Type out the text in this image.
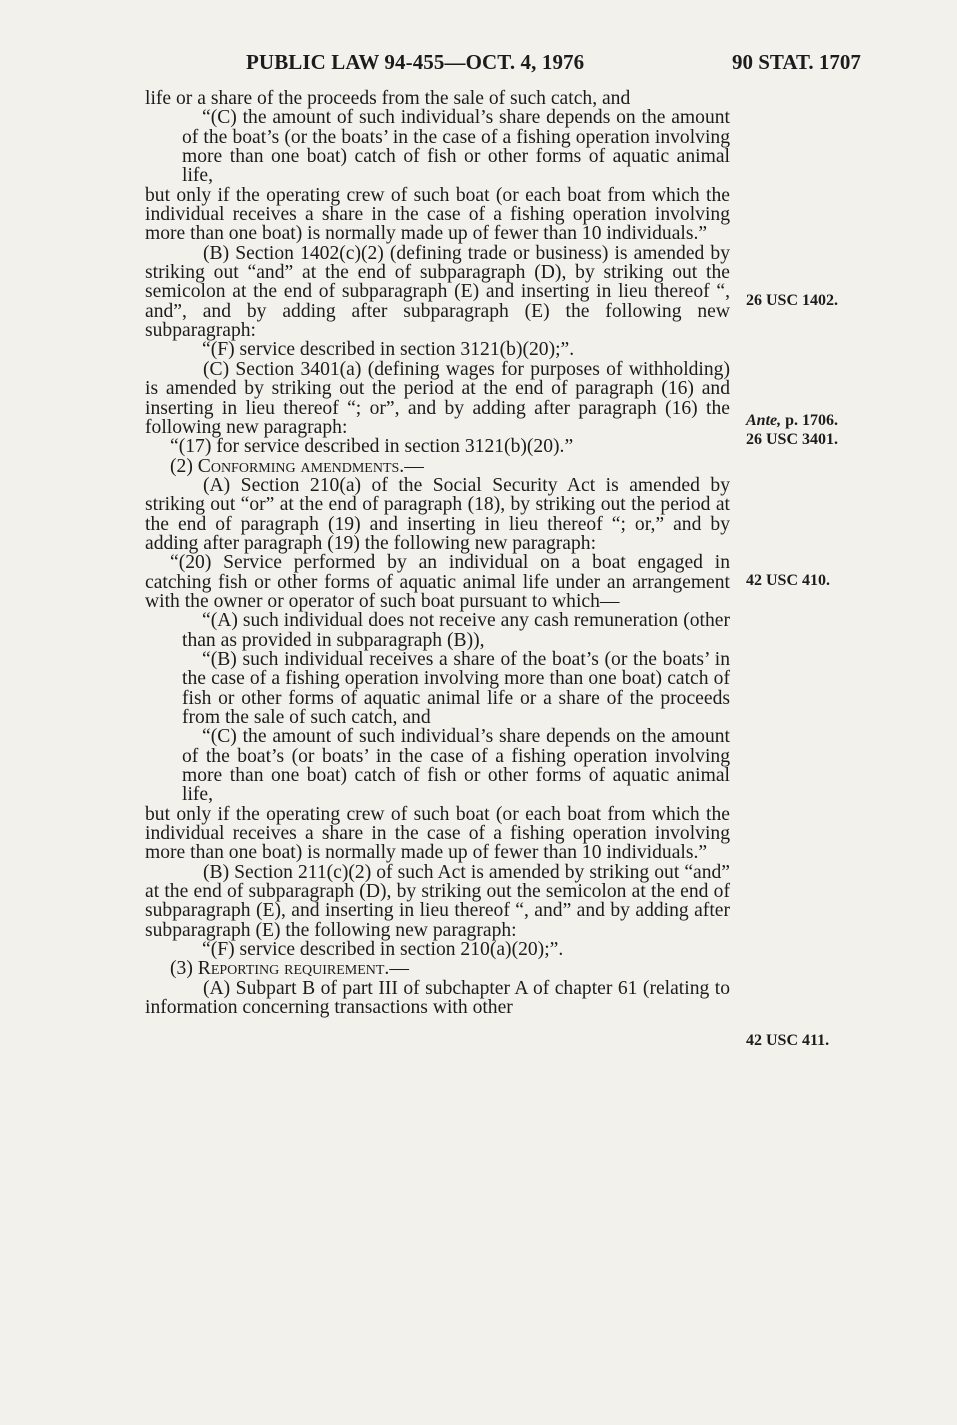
PUBLIC LAW 94-455—OCT. 4, 1976	90 STAT. 1707

life or a share of the proceeds from the sale of such catch, and

“(C) the amount of such individual’s share depends on the amount of the boat’s (or the boats’ in the case of a fishing operation involving more than one boat) catch of fish or other forms of aquatic animal life,

but only if the operating crew of such boat (or each boat from which the individual receives a share in the case of a fishing operation involving more than one boat) is normally made up of fewer than 10 individuals.”

(B) Section 1402(c)(2) (defining trade or business) is amended by striking out “and” at the end of subparagraph (D), by striking out the semicolon at the end of subparagraph (E) and inserting in lieu thereof “, and”, and by adding after subparagraph (E) the following new subparagraph:

“(F) service described in section 3121(b)(20);”.

(C) Section 3401(a) (defining wages for purposes of withholding) is amended by striking out the period at the end of paragraph (16) and inserting in lieu thereof “; or”, and by adding after paragraph (16) the following new paragraph:

“(17) for service described in section 3121(b)(20).”

(2) Conforming amendments.—

(A) Section 210(a) of the Social Security Act is amended by striking out “or” at the end of paragraph (18), by striking out the period at the end of paragraph (19) and inserting in lieu thereof “; or,” and by adding after paragraph (19) the following new paragraph:

“(20) Service performed by an individual on a boat engaged in catching fish or other forms of aquatic animal life under an arrangement with the owner or operator of such boat pursuant to which—

“(A) such individual does not receive any cash remuneration (other than as provided in subparagraph (B)),

“(B) such individual receives a share of the boat’s (or the boats’ in the case of a fishing operation involving more than one boat) catch of fish or other forms of aquatic animal life or a share of the proceeds from the sale of such catch, and

“(C) the amount of such individual’s share depends on the amount of the boat’s (or boats’ in the case of a fishing operation involving more than one boat) catch of fish or other forms of aquatic animal life,

but only if the operating crew of such boat (or each boat from which the individual receives a share in the case of a fishing operation involving more than one boat) is normally made up of fewer than 10 individuals.”

(B) Section 211(c)(2) of such Act is amended by striking out “and” at the end of subparagraph (D), by striking out the semicolon at the end of subparagraph (E), and inserting in lieu thereof “, and” and by adding after subparagraph (E) the following new paragraph:

“(F) service described in section 210(a)(20);”.

(3) Reporting requirement.—

(A) Subpart B of part III of subchapter A of chapter 61 (relating to information concerning transactions with other

26 USC 1402.
Ante, p. 1706.
26 USC 3401.
42 USC 410.
42 USC 411.
